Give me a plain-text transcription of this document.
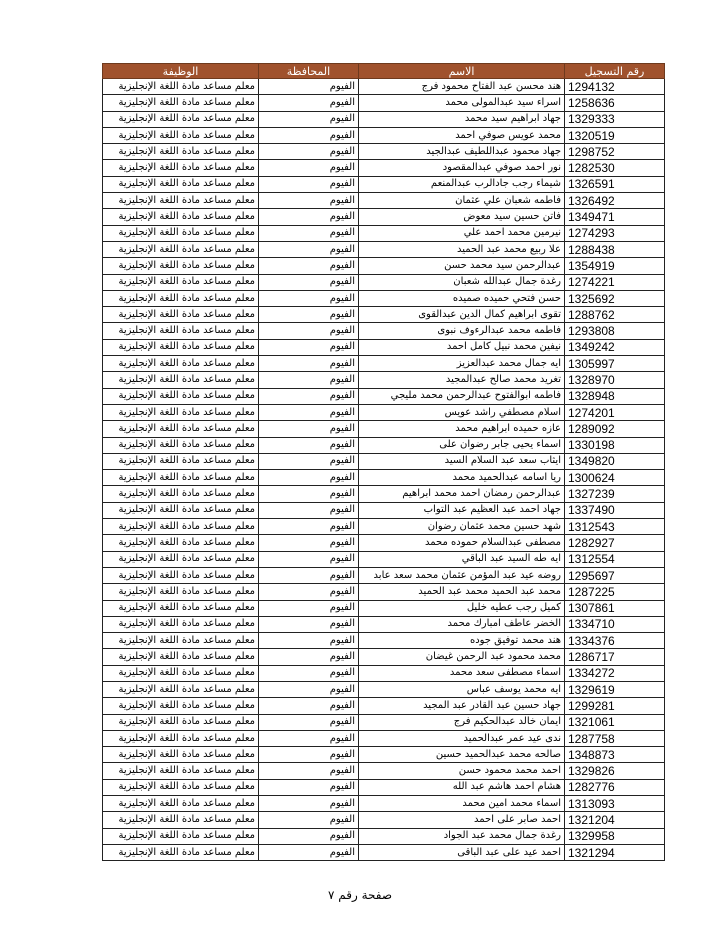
رقم التسجيل	الاسم	المحافظة	الوظيفة
1294132	هند محسن عبد الفتاح محمود فرج	الفيوم	معلم مساعد مادة اللغة الإنجليزية
1258636	اسراء سيد عبدالمولى محمد	الفيوم	معلم مساعد مادة اللغة الإنجليزية
1329333	جهاد ابراهيم سيد محمد	الفيوم	معلم مساعد مادة اللغة الإنجليزية
1320519	محمد عويس صوفي احمد	الفيوم	معلم مساعد مادة اللغة الإنجليزية
1298752	جهاد محمود عبداللطيف عبدالجيد	الفيوم	معلم مساعد مادة اللغة الإنجليزية
1282530	نور احمد صوفي عبدالمقصود	الفيوم	معلم مساعد مادة اللغة الإنجليزية
1326591	شيماء رجب جادالرب عبدالمنعم	الفيوم	معلم مساعد مادة اللغة الإنجليزية
1326492	فاطمه شعبان علي عثمان	الفيوم	معلم مساعد مادة اللغة الإنجليزية
1349471	فاتن حسين سيد معوض	الفيوم	معلم مساعد مادة اللغة الإنجليزية
1274293	نيرمين محمد احمد علي	الفيوم	معلم مساعد مادة اللغة الإنجليزية
1288438	علا ربيع محمد عبد الحميد	الفيوم	معلم مساعد مادة اللغة الإنجليزية
1354919	عبدالرحمن سيد محمد حسن	الفيوم	معلم مساعد مادة اللغة الإنجليزية
1274221	رغدة جمال عبدالله شعبان	الفيوم	معلم مساعد مادة اللغة الإنجليزية
1325692	حسن فتحي حميده صميده	الفيوم	معلم مساعد مادة اللغة الإنجليزية
1288762	تقوى ابراهيم كمال الدين عبدالقوى	الفيوم	معلم مساعد مادة اللغة الإنجليزية
1293808	فاطمه محمد عبدالرءوف نبوى	الفيوم	معلم مساعد مادة اللغة الإنجليزية
1349242	نيفين محمد نبيل كامل احمد	الفيوم	معلم مساعد مادة اللغة الإنجليزية
1305997	ايه جمال محمد عبدالعزيز	الفيوم	معلم مساعد مادة اللغة الإنجليزية
1328970	تغريد محمد صالح عبدالمجيد	الفيوم	معلم مساعد مادة اللغة الإنجليزية
1328948	فاطمه ابوالفتوح عبدالرحمن محمد مليجي	الفيوم	معلم مساعد مادة اللغة الإنجليزية
1274201	اسلام مصطفي راشد عويس	الفيوم	معلم مساعد مادة اللغة الإنجليزية
1289092	عازه حميده ابراهيم محمد	الفيوم	معلم مساعد مادة اللغة الإنجليزية
1330198	اسماء يحيى جابر رضوان على	الفيوم	معلم مساعد مادة اللغة الإنجليزية
1349820	ايثاب سعد عبد السلام السيد	الفيوم	معلم مساعد مادة اللغة الإنجليزية
1300624	ريا اسامه عبدالحميد محمد	الفيوم	معلم مساعد مادة اللغة الإنجليزية
1327239	عبدالرحمن رمضان احمد محمد ابراهيم	الفيوم	معلم مساعد مادة اللغة الإنجليزية
1337490	جهاد احمد عبد العظيم عبد التواب	الفيوم	معلم مساعد مادة اللغة الإنجليزية
1312543	شهد حسين محمد عثمان رضوان	الفيوم	معلم مساعد مادة اللغة الإنجليزية
1282927	مصطفى عبدالسلام حموده محمد	الفيوم	معلم مساعد مادة اللغة الإنجليزية
1312554	ايه طه السيد عبد الباقي	الفيوم	معلم مساعد مادة اللغة الإنجليزية
1295697	روضه عيد عبد المؤمن عثمان محمد سعد عابد	الفيوم	معلم مساعد مادة اللغة الإنجليزية
1287225	محمد عبد الحميد محمد عبد الحميد	الفيوم	معلم مساعد مادة اللغة الإنجليزية
1307861	كميل رجب عطيه خليل	الفيوم	معلم مساعد مادة اللغة الإنجليزية
1334710	الخضر عاطف امبارك محمد	الفيوم	معلم مساعد مادة اللغة الإنجليزية
1334376	هند محمد توفيق جوده	الفيوم	معلم مساعد مادة اللغة الإنجليزية
1286717	محمد محمود عبد الرحمن غيضان	الفيوم	معلم مساعد مادة اللغة الإنجليزية
1334272	اسماء مصطفى سعد محمد	الفيوم	معلم مساعد مادة اللغة الإنجليزية
1329619	ايه محمد يوسف عباس	الفيوم	معلم مساعد مادة اللغة الإنجليزية
1299281	جهاد حسين عبد القادر عبد المجيد	الفيوم	معلم مساعد مادة اللغة الإنجليزية
1321061	ايمان خالد عبدالحكيم فرج	الفيوم	معلم مساعد مادة اللغة الإنجليزية
1287758	ندى عيد عمر عبدالحميد	الفيوم	معلم مساعد مادة اللغة الإنجليزية
1348873	صالحه محمد عبدالحميد حسين	الفيوم	معلم مساعد مادة اللغة الإنجليزية
1329826	احمد محمد محمود حسن	الفيوم	معلم مساعد مادة اللغة الإنجليزية
1282776	هشام احمد هاشم عبد الله	الفيوم	معلم مساعد مادة اللغة الإنجليزية
1313093	اسماء محمد امين محمد	الفيوم	معلم مساعد مادة اللغة الإنجليزية
1321204	احمد صابر على احمد	الفيوم	معلم مساعد مادة اللغة الإنجليزية
1329958	رغدة جمال محمد عبد الجواد	الفيوم	معلم مساعد مادة اللغة الإنجليزية
1321294	احمد عيد على عبد الباقى	الفيوم	معلم مساعد مادة اللغة الإنجليزية
صفحة رقم ٧
